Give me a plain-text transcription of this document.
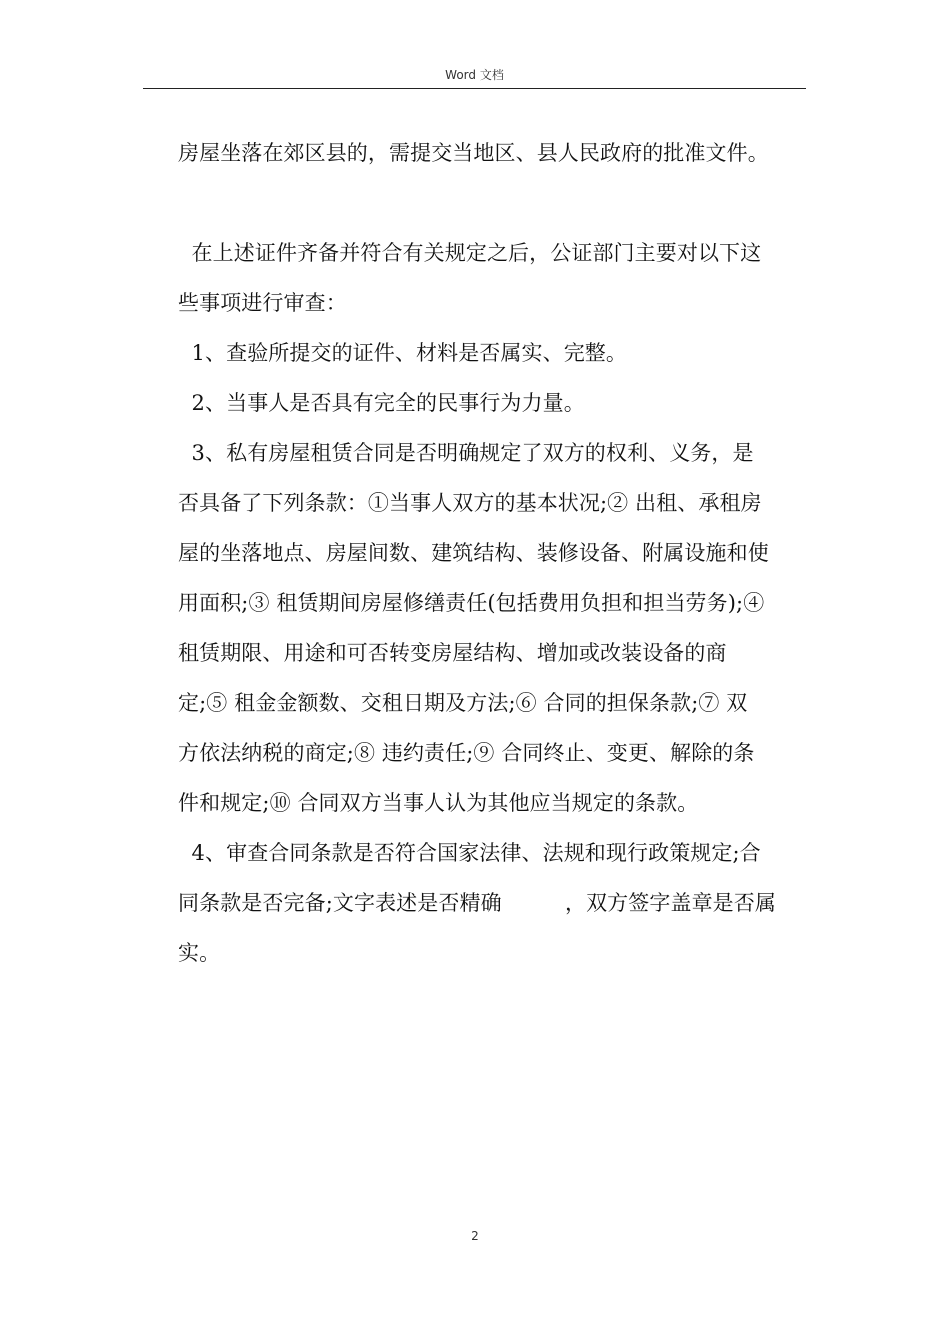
Word 文档
房屋坐落在郊区县的，需提交当地区、县人民政府的批准文件。
在上述证件齐备并符合有关规定之后，公证部门主要对以下这
些事项进行审查：
1、查验所提交的证件、材料是否属实、完整。
2、当事人是否具有完全的民事行为力量。
3、私有房屋租赁合同是否明确规定了双方的权利、义务，是
否具备了下列条款：①当事人双方的基本状况;② 出租、承租房
屋的坐落地点、房屋间数、建筑结构、装修设备、附属设施和使
用面积;③ 租赁期间房屋修缮责任(包括费用负担和担当劳务);④
租赁期限、用途和可否转变房屋结构、增加或改装设备的商
定;⑤ 租金金额数、交租日期及方法;⑥ 合同的担保条款;⑦ 双
方依法纳税的商定;⑧ 违约责任;⑨ 合同终止、变更、解除的条
件和规定;⑩ 合同双方当事人认为其他应当规定的条款。
4、审查合同条款是否符合国家法律、法规和现行政策规定;合
同条款是否完备;文字表述是否精确　　　，双方签字盖章是否属
实。
2
